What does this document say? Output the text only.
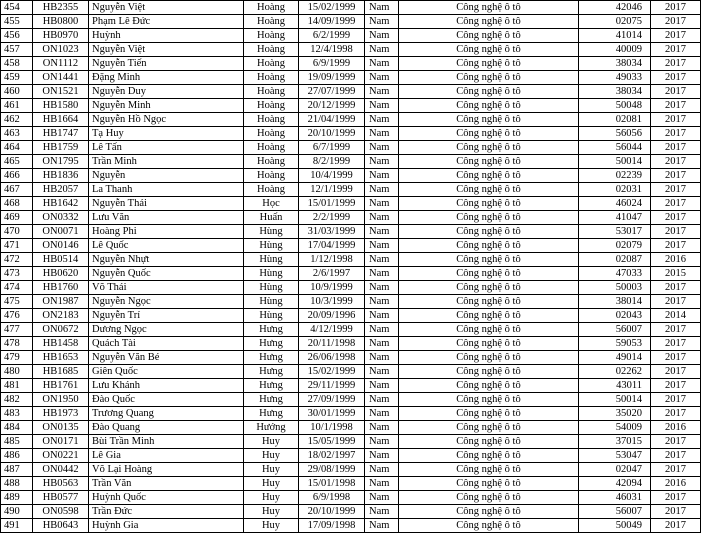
454	HB2355	Nguyễn Việt	Hoàng	15/02/1999	Nam	Công nghệ ô tô	42046	2017
455	HB0800	Phạm Lê Đức	Hoàng	14/09/1999	Nam	Công nghệ ô tô	02075	2017
456	HB0970	Huỳnh	Hoàng	6/2/1999	Nam	Công nghệ ô tô	41014	2017
457	ON1023	Nguyễn Việt	Hoàng	12/4/1998	Nam	Công nghệ ô tô	40009	2017
458	ON1112	Nguyễn Tiến	Hoàng	6/9/1999	Nam	Công nghệ ô tô	38034	2017
459	ON1441	Đặng Minh	Hoàng	19/09/1999	Nam	Công nghệ ô tô	49033	2017
460	ON1521	Nguyễn Duy	Hoàng	27/07/1999	Nam	Công nghệ ô tô	38034	2017
461	HB1580	Nguyễn Minh	Hoàng	20/12/1999	Nam	Công nghệ ô tô	50048	2017
462	HB1664	Nguyễn Hồ Ngọc	Hoàng	21/04/1999	Nam	Công nghệ ô tô	02081	2017
463	HB1747	Tạ Huy	Hoàng	20/10/1999	Nam	Công nghệ ô tô	56056	2017
464	HB1759	Lê Tấn	Hoàng	6/7/1999	Nam	Công nghệ ô tô	56044	2017
465	ON1795	Trần Minh	Hoàng	8/2/1999	Nam	Công nghệ ô tô	50014	2017
466	HB1836	Nguyễn	Hoàng	10/4/1999	Nam	Công nghệ ô tô	02239	2017
467	HB2057	La Thanh	Hoàng	12/1/1999	Nam	Công nghệ ô tô	02031	2017
468	HB1642	Nguyễn Thái	Học	15/01/1999	Nam	Công nghệ ô tô	46024	2017
469	ON0332	Lưu Văn	Huấn	2/2/1999	Nam	Công nghệ ô tô	41047	2017
470	ON0071	Hoàng Phi	Hùng	31/03/1999	Nam	Công nghệ ô tô	53017	2017
471	ON0146	Lê Quốc	Hùng	17/04/1999	Nam	Công nghệ ô tô	02079	2017
472	HB0514	Nguyễn Nhựt	Hùng	1/12/1998	Nam	Công nghệ ô tô	02087	2016
473	HB0620	Nguyễn Quốc	Hùng	2/6/1997	Nam	Công nghệ ô tô	47033	2015
474	HB1760	Võ Thái	Hùng	10/9/1999	Nam	Công nghệ ô tô	50003	2017
475	ON1987	Nguyễn Ngọc	Hùng	10/3/1999	Nam	Công nghệ ô tô	38014	2017
476	ON2183	Nguyễn Trí	Hùng	20/09/1996	Nam	Công nghệ ô tô	02043	2014
477	ON0672	Dương Ngọc	Hưng	4/12/1999	Nam	Công nghệ ô tô	56007	2017
478	HB1458	Quách Tài	Hưng	20/11/1998	Nam	Công nghệ ô tô	59053	2017
479	HB1653	Nguyễn Văn Bé	Hưng	26/06/1998	Nam	Công nghệ ô tô	49014	2017
480	HB1685	Giên Quốc	Hưng	15/02/1999	Nam	Công nghệ ô tô	02262	2017
481	HB1761	Lưu Khánh	Hưng	29/11/1999	Nam	Công nghệ ô tô	43011	2017
482	ON1950	Đào Quốc	Hưng	27/09/1999	Nam	Công nghệ ô tô	50014	2017
483	HB1973	Trương Quang	Hưng	30/01/1999	Nam	Công nghệ ô tô	35020	2017
484	ON0135	Đào Quang	Hướng	10/1/1998	Nam	Công nghệ ô tô	54009	2016
485	ON0171	Bùi Trần Minh	Huy	15/05/1999	Nam	Công nghệ ô tô	37015	2017
486	ON0221	Lê Gia	Huy	18/02/1997	Nam	Công nghệ ô tô	53047	2017
487	ON0442	Võ Lại Hoàng	Huy	29/08/1999	Nam	Công nghệ ô tô	02047	2017
488	HB0563	Trần Văn	Huy	15/01/1998	Nam	Công nghệ ô tô	42094	2016
489	HB0577	Huỳnh Quốc	Huy	6/9/1998	Nam	Công nghệ ô tô	46031	2017
490	ON0598	Trần Đức	Huy	20/10/1999	Nam	Công nghệ ô tô	56007	2017
491	HB0643	Huỳnh Gia	Huy	17/09/1998	Nam	Công nghệ ô tô	50049	2017
